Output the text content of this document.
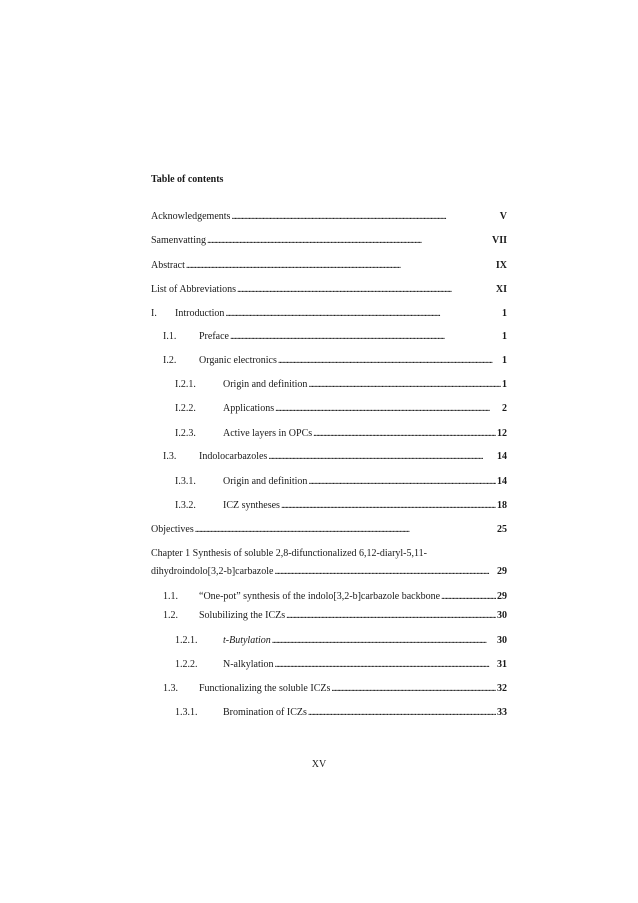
Table of contents
Acknowledgements . . .	V
Samenvatting . . .	VII
Abstract . . .	IX
List of Abbreviations . . .	XI
I.	Introduction . . .	1
I.1.	Preface . . .	1
I.2.	Organic electronics . . .	1
I.2.1.	Origin and definition . . .	1
I.2.2.	Applications . . .	2
I.2.3.	Active layers in OPCs . . .	12
I.3.	Indolocarbazoles . . .	14
I.3.1.	Origin and definition . . .	14
I.3.2.	ICZ syntheses . . .	18
Objectives . . .	25
Chapter 1 Synthesis of soluble 2,8-difunctionalized 6,12-diaryl-5,11-
dihydroindolo[3,2-b]carbazole . . .	29
1.1.	“One-pot” synthesis of the indolo[3,2-b]carbazole backbone . . .	29
1.2.	Solubilizing the ICZs . . .	30
1.2.1.	t-Butylation . . .	30
1.2.2.	N-alkylation . . .	31
1.3.	Functionalizing the soluble ICZs . . .	32
1.3.1.	Bromination of ICZs . . .	33
XV
